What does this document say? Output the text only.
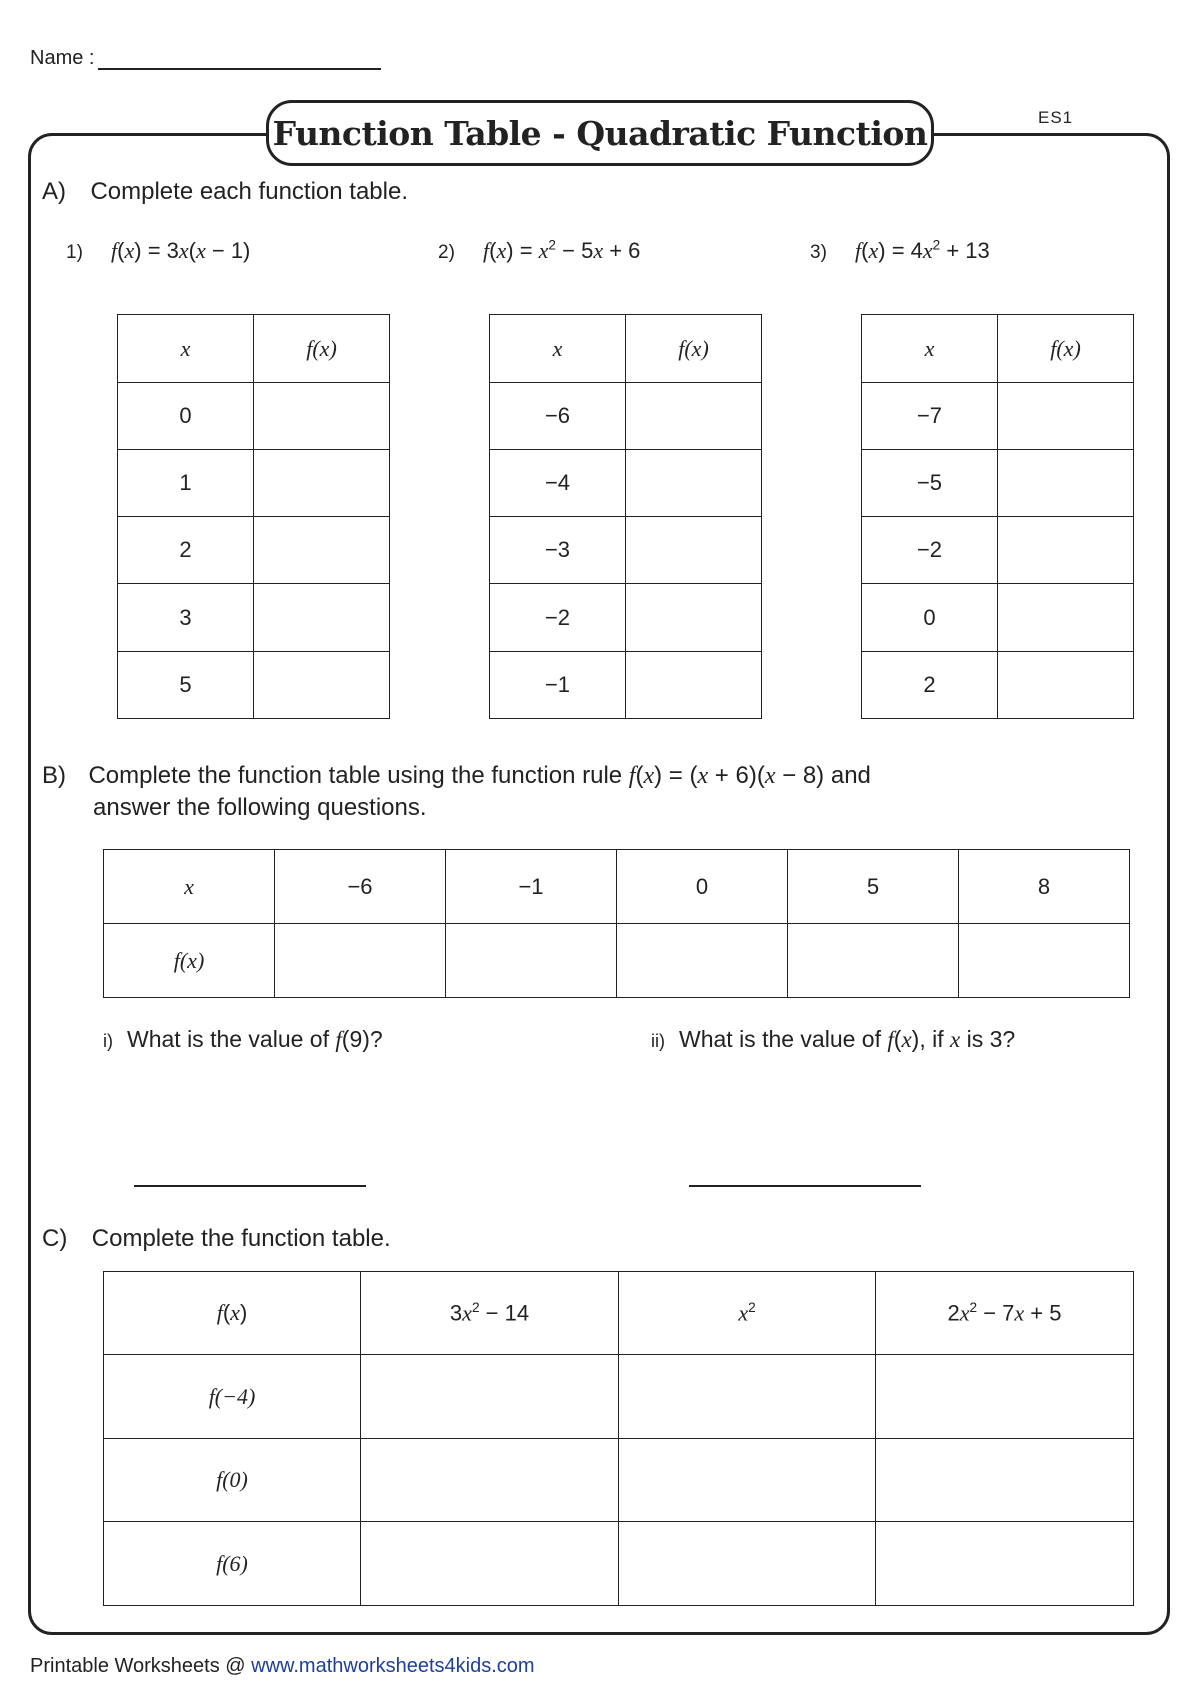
Name :
Function Table - Quadratic Function	ES1
A) Complete each function table.
1) f(x) = 3x(x − 1)	2) $f(x) = x^2 - 5x + 6$	3) $f(x) = 4x^2 + 13$
x	f(x)
0	
1	
2	
3	
5	
x	f(x)
−6	
−4	
−3	
−2	
−1	
x	f(x)
−7	
−5	
−2	
0	
2	
B) Complete the function table using the function rule f(x) = (x + 6)(x − 8) and
answer the following questions.
x	−6	−1	0	5	8
f(x)					
i) What is the value of f(9)?	ii) What is the value of f(x), if x is 3?
C) Complete the function table.
f(x)	$3x^2 - 14$	$x^2$	$2x^2 - 7x + 5$
f(−4)			
f(0)			
f(6)			
Printable Worksheets @ www.mathworksheets4kids.com
